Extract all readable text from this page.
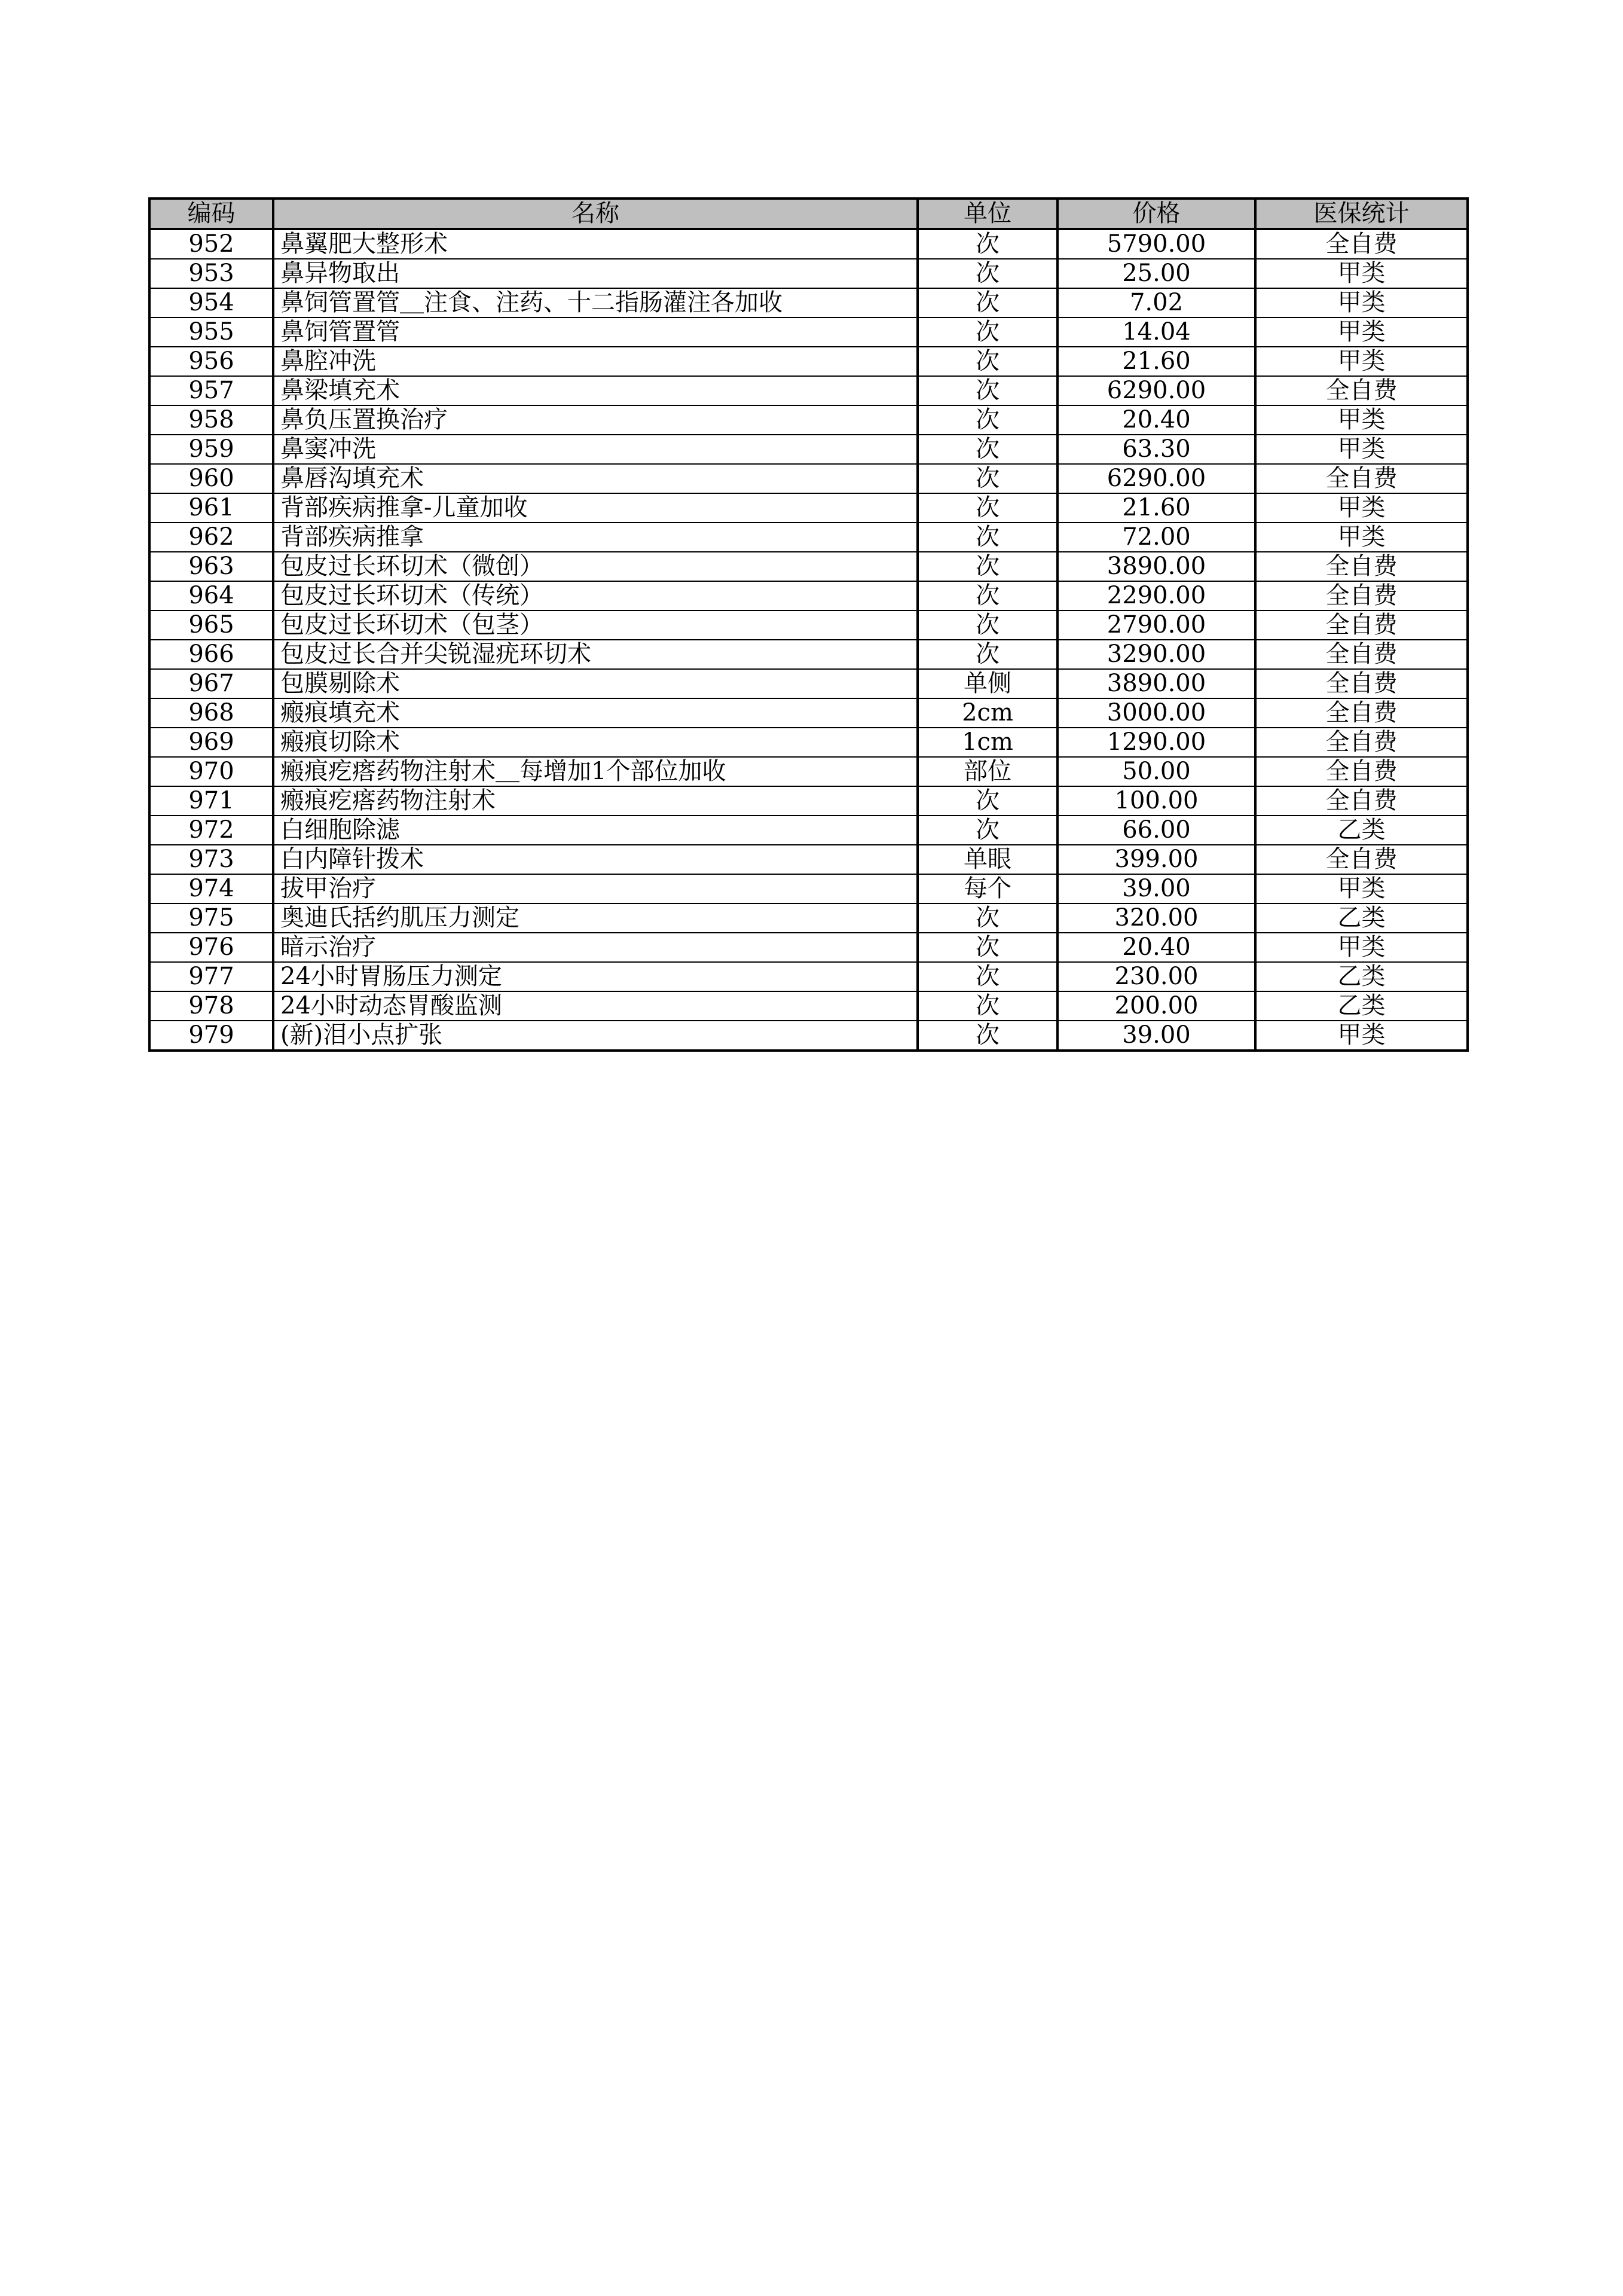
编码	名称	单位	价格	医保统计
952	鼻翼肥大整形术	次	5790.00	全自费
953	鼻异物取出	次	25.00	甲类
954	鼻饲管置管＿注食、注药、十二指肠灌注各加收	次	7.02	甲类
955	鼻饲管置管	次	14.04	甲类
956	鼻腔冲洗	次	21.60	甲类
957	鼻梁填充术	次	6290.00	全自费
958	鼻负压置换治疗	次	20.40	甲类
959	鼻窦冲洗	次	63.30	甲类
960	鼻唇沟填充术	次	6290.00	全自费
961	背部疾病推拿-儿童加收	次	21.60	甲类
962	背部疾病推拿	次	72.00	甲类
963	包皮过长环切术（微创）	次	3890.00	全自费
964	包皮过长环切术（传统）	次	2290.00	全自费
965	包皮过长环切术（包茎）	次	2790.00	全自费
966	包皮过长合并尖锐湿疣环切术	次	3290.00	全自费
967	包膜剔除术	单侧	3890.00	全自费
968	瘢痕填充术	2cm	3000.00	全自费
969	瘢痕切除术	1cm	1290.00	全自费
970	瘢痕疙瘩药物注射术＿每增加1个部位加收	部位	50.00	全自费
971	瘢痕疙瘩药物注射术	次	100.00	全自费
972	白细胞除滤	次	66.00	乙类
973	白内障针拨术	单眼	399.00	全自费
974	拔甲治疗	每个	39.00	甲类
975	奥迪氏括约肌压力测定	次	320.00	乙类
976	暗示治疗	次	20.40	甲类
977	24小时胃肠压力测定	次	230.00	乙类
978	24小时动态胃酸监测	次	200.00	乙类
979	(新)泪小点扩张	次	39.00	甲类
